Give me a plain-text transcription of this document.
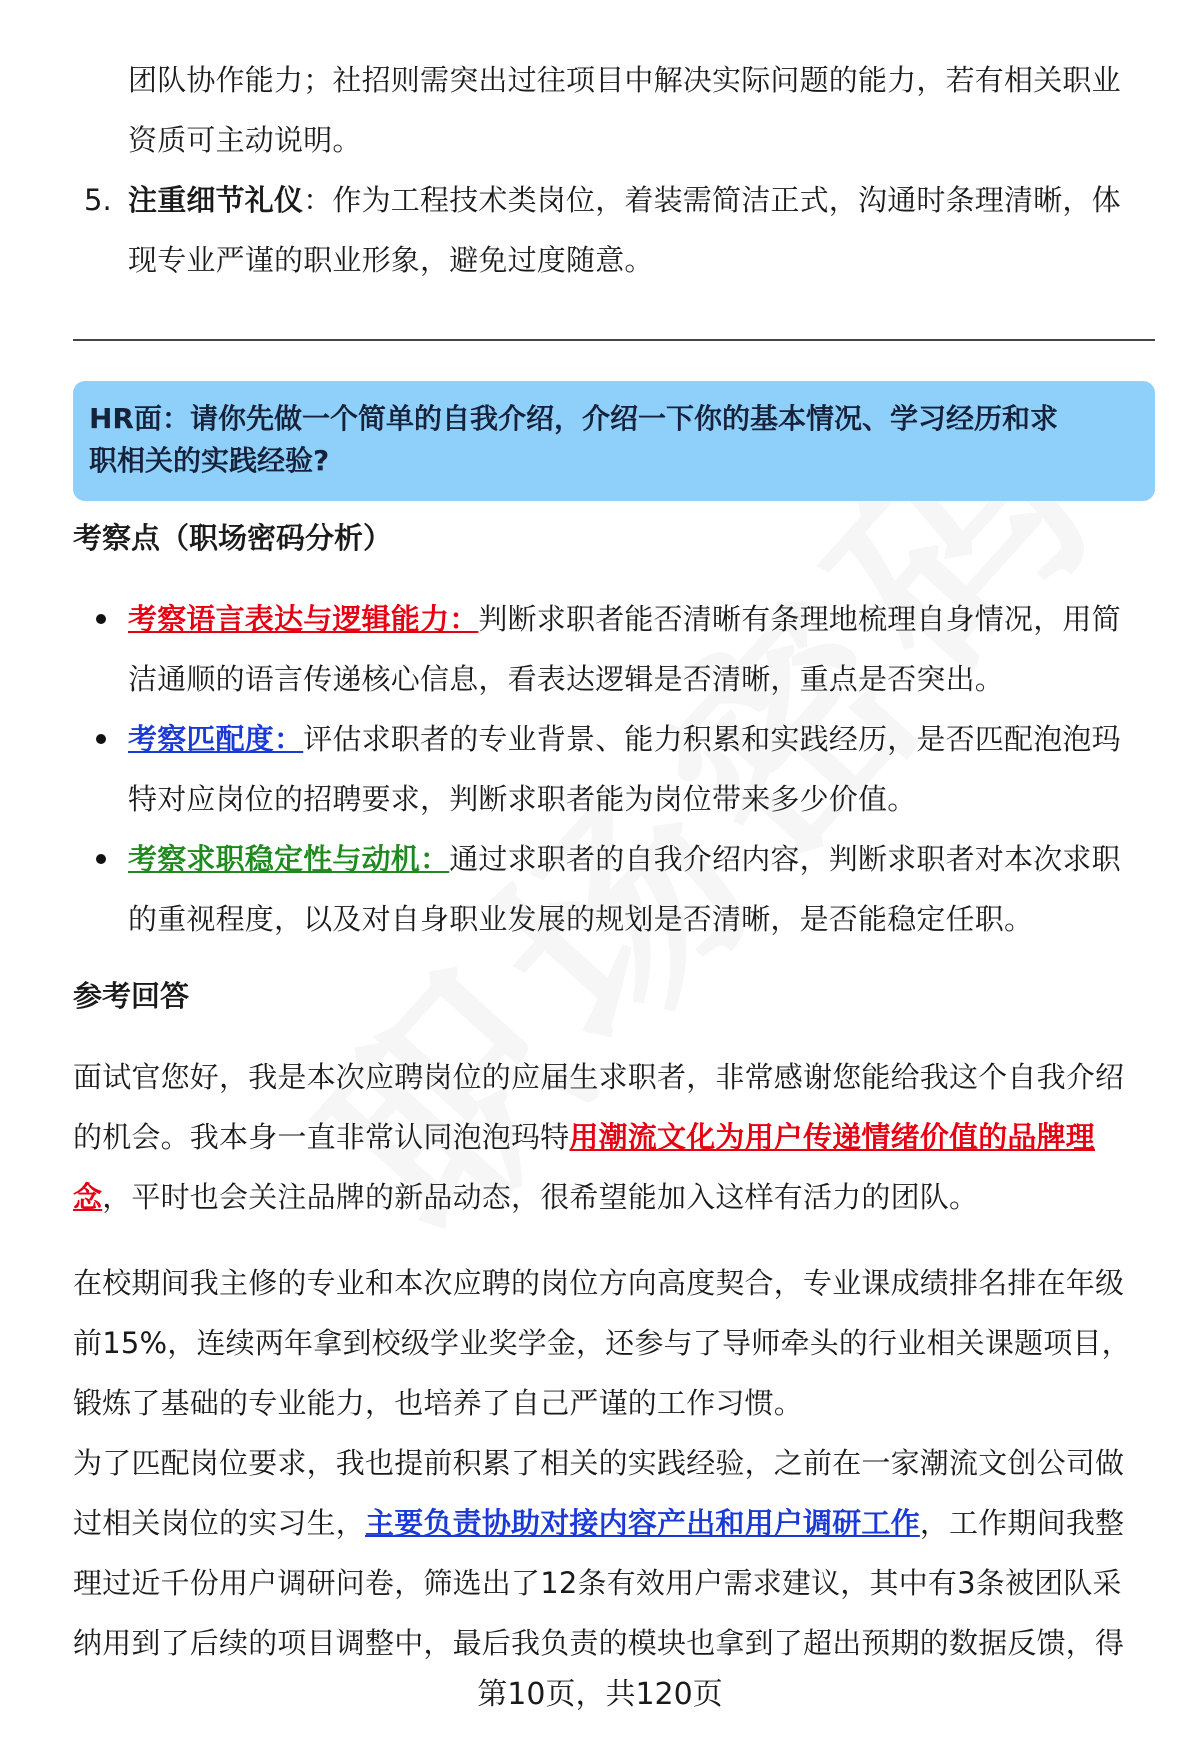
团队协作能力；社招则需突出过往项目中解决实际问题的能力，若有相关职业

资质可主动说明。

5. 注重细节礼仪：作为工程技术类岗位，着装需简洁正式，沟通时条理清晰，体

现专业严谨的职业形象，避免过度随意。

HR面：请你先做一个简单的自我介绍，介绍一下你的基本情况、学习经历和求

职相关的实践经验?

考察点（职场密码分析）

考察语言表达与逻辑能力：判断求职者能否清晰有条理地梳理自身情况，用简

洁通顺的语言传递核心信息，看表达逻辑是否清晰，重点是否突出。

考察匹配度：评估求职者的专业背景、能力积累和实践经历，是否匹配泡泡玛

特对应岗位的招聘要求，判断求职者能为岗位带来多少价值。

考察求职稳定性与动机：通过求职者的自我介绍内容，判断求职者对本次求职

的重视程度，以及对自身职业发展的规划是否清晰，是否能稳定任职。

参考回答

面试官您好，我是本次应聘岗位的应届生求职者，非常感谢您能给我这个自我介绍

的机会。我本身一直非常认同泡泡玛特用潮流文化为用户传递情绪价值的品牌理

念，平时也会关注品牌的新品动态，很希望能加入这样有活力的团队。

在校期间我主修的专业和本次应聘的岗位方向高度契合，专业课成绩排名排在年级

前15%，连续两年拿到校级学业奖学金，还参与了导师牵头的行业相关课题项目，

锻炼了基础的专业能力，也培养了自己严谨的工作习惯。

为了匹配岗位要求，我也提前积累了相关的实践经验，之前在一家潮流文创公司做

过相关岗位的实习生，主要负责协助对接内容产出和用户调研工作，工作期间我整

理过近千份用户调研问卷，筛选出了12条有效用户需求建议，其中有3条被团队采

纳用到了后续的项目调整中，最后我负责的模块也拿到了超出预期的数据反馈，得

第10页，共120页
